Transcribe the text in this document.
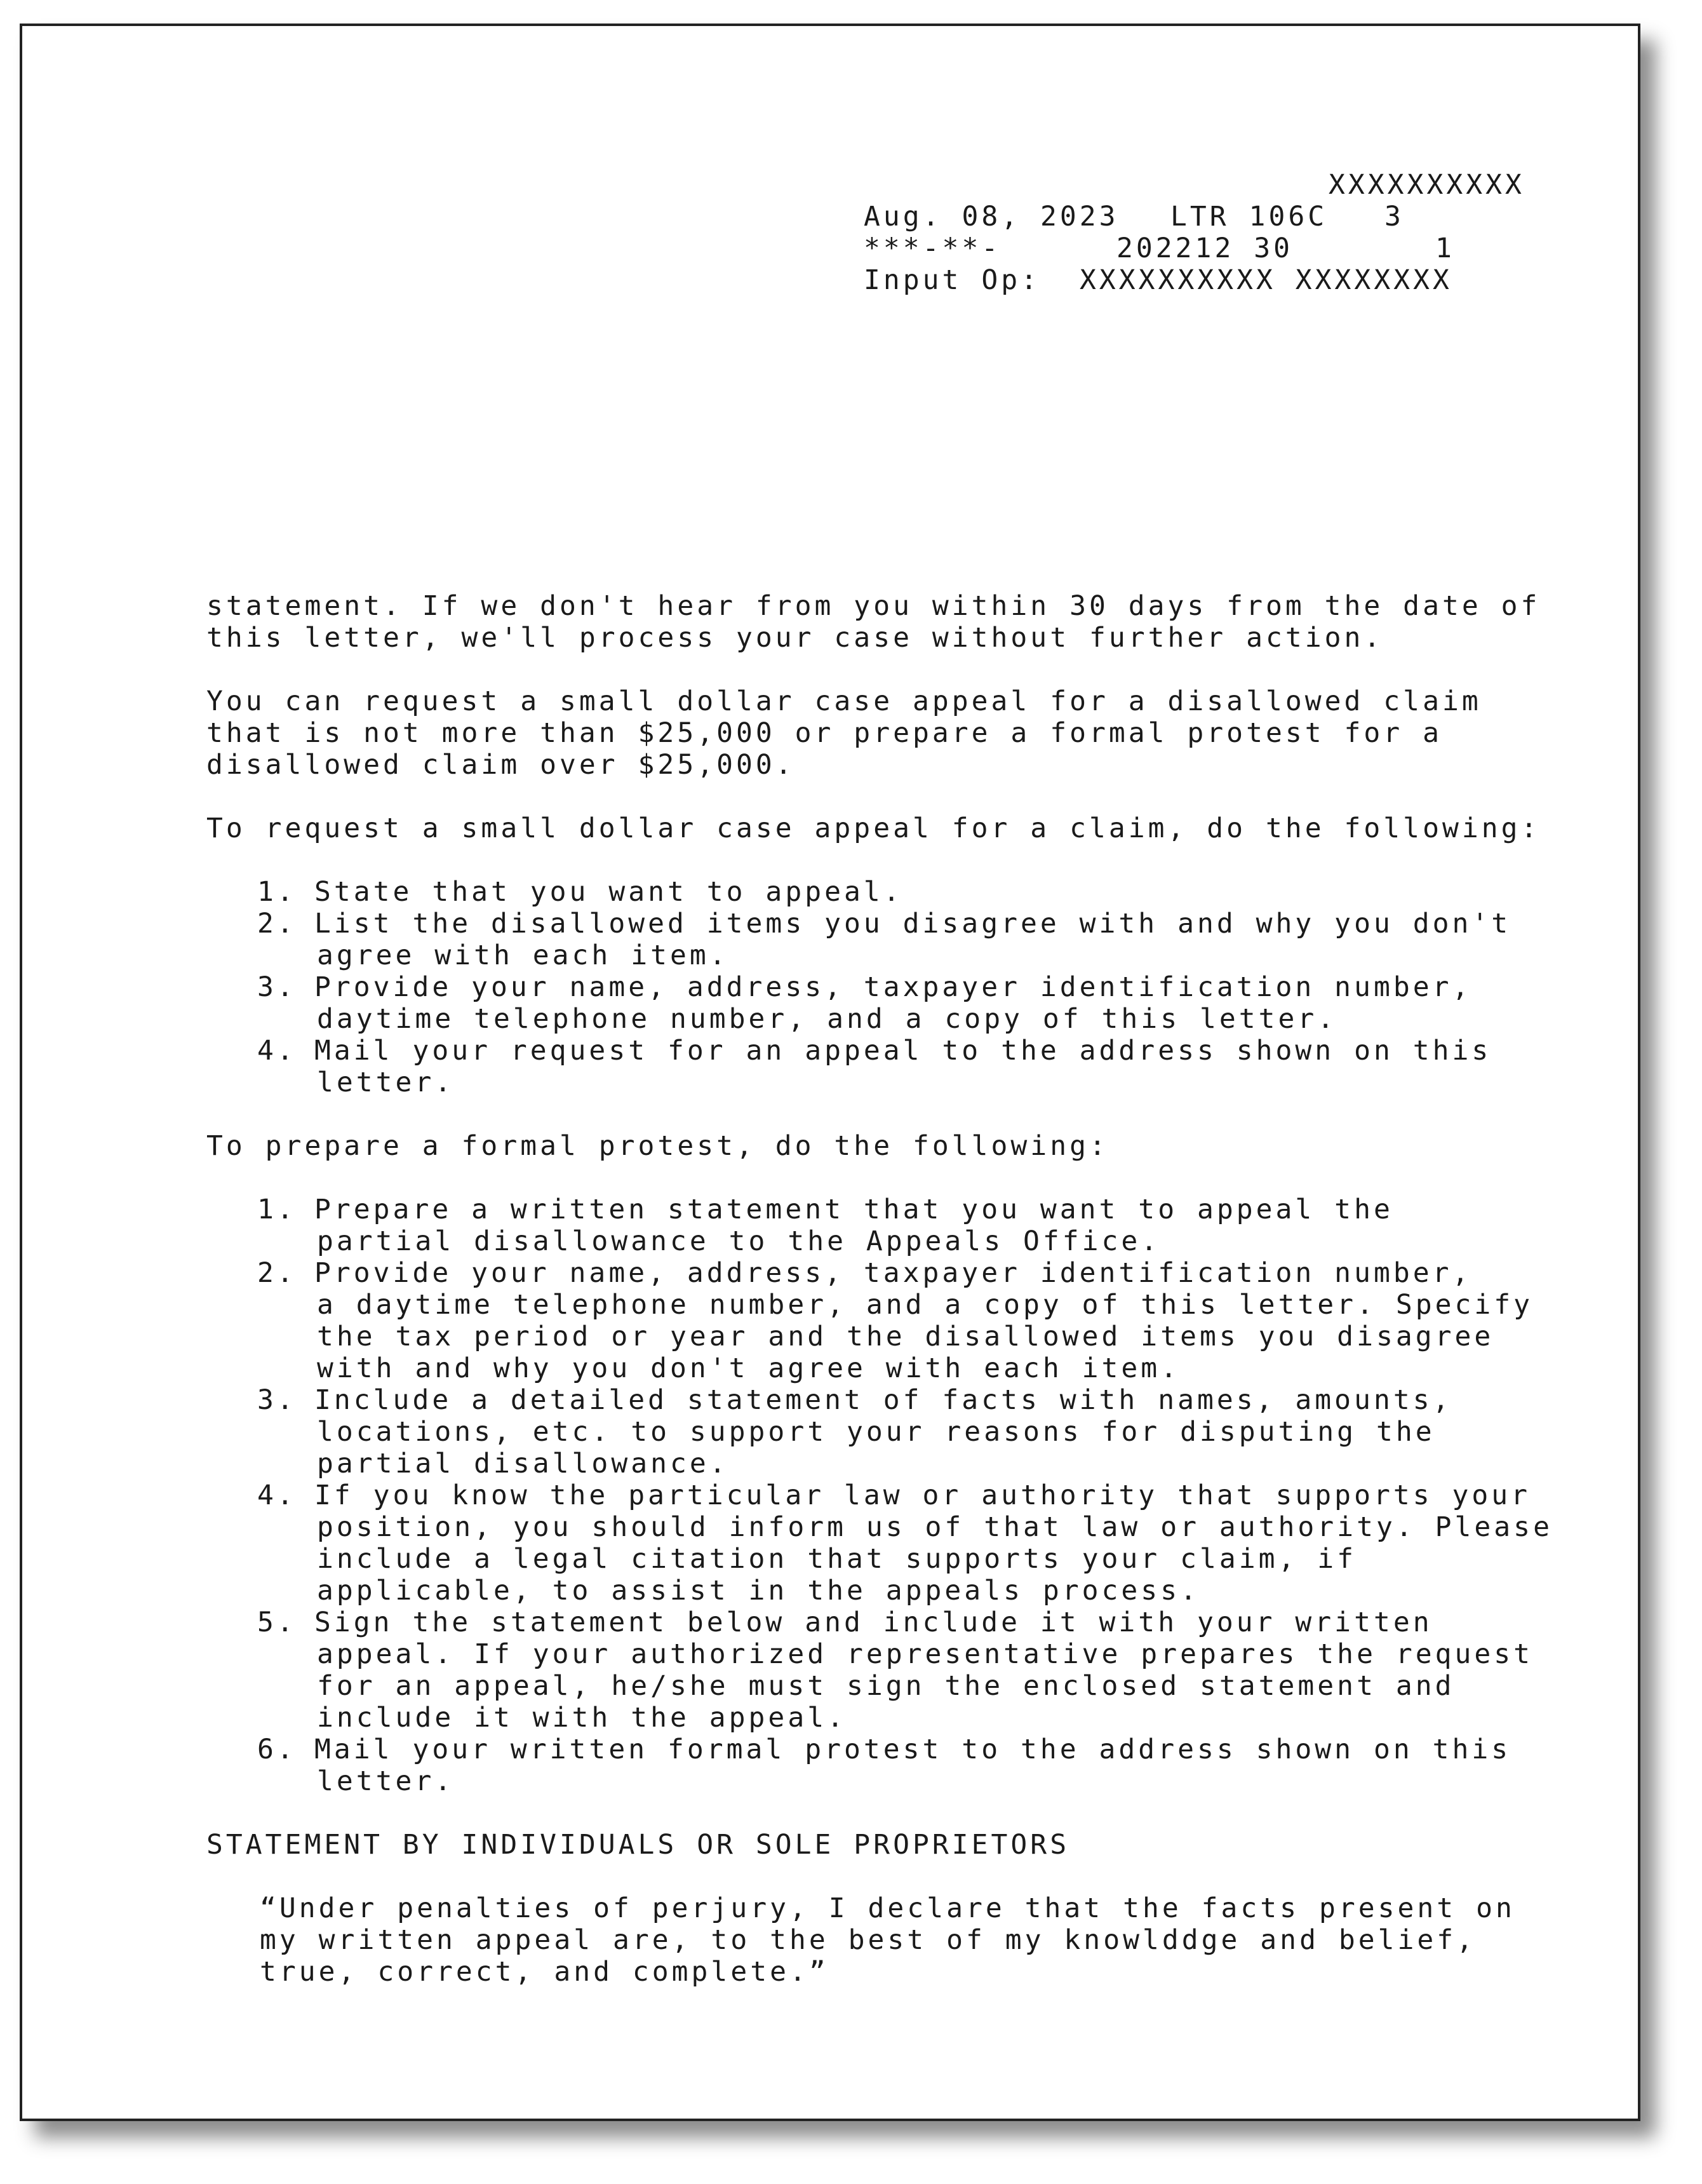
XXXXXXXXXX
Aug. 08, 2023 LTR 106C 3
***-**-	202212 30	1
Input Op: XXXXXXXXXX XXXXXXXX
statement. If we don't hear from you within 30 days from the date of
this letter, we'll process your case without further action.
You can request a small dollar case appeal for a disallowed claim
that is not more than $25,000 or prepare a formal protest for a
disallowed claim over $25,000.
To request a small dollar case appeal for a claim, do the following:
1. State that you want to appeal.
2. List the disallowed items you disagree with and why you don't
agree with each item.
3. Provide your name, address, taxpayer identification number,
daytime telephone number, and a copy of this letter.
4. Mail your request for an appeal to the address shown on this
letter.
To prepare a formal protest, do the following:
1. Prepare a written statement that you want to appeal the
partial disallowance to the Appeals Office.
2. Provide your name, address, taxpayer identification number,
a daytime telephone number, and a copy of this letter. Specify
the tax period or year and the disallowed items you disagree
with and why you don't agree with each item.
3. Include a detailed statement of facts with names, amounts,
locations, etc. to support your reasons for disputing the
partial disallowance.
4. If you know the particular law or authority that supports your
position, you should inform us of that law or authority. Please
include a legal citation that supports your claim, if
applicable, to assist in the appeals process.
5. Sign the statement below and include it with your written
appeal. If your authorized representative prepares the request
for an appeal, he/she must sign the enclosed statement and
include it with the appeal.
6. Mail your written formal protest to the address shown on this
letter.
STATEMENT BY INDIVIDUALS OR SOLE PROPRIETORS
“Under penalties of perjury, I declare that the facts present on
my written appeal are, to the best of my knowlddge and belief,
true, correct, and complete.”
